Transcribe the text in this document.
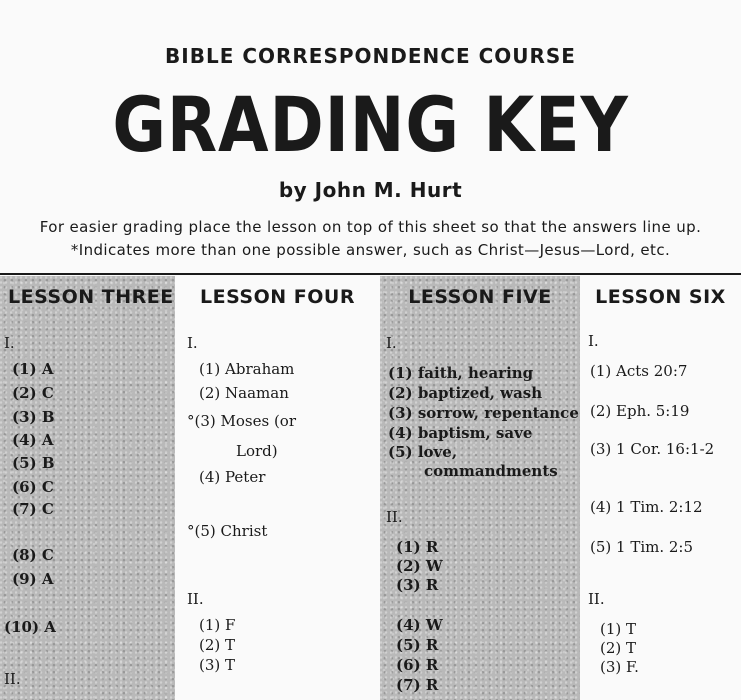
BIBLE CORRESPONDENCE COURSE
GRADING KEY
by John M. Hurt
For easier grading place the lesson on top of this sheet so that the answers line up.
*Indicates more than one possible answer, such as Christ—Jesus—Lord, etc.
LESSON THREE
I.
(1) A
(2) C
(3) B
(4) A
(5) B
(6) C
(7) C
(8) C
(9) A
(10) A
II.
LESSON FOUR
I.
(1) Abraham
(2) Naaman
°(3) Moses (or
Lord)
(4) Peter
°(5) Christ
II.
(1) F
(2) T
(3) T
LESSON FIVE
I.
(1) faith, hearing
(2) baptized, wash
(3) sorrow, repentance
(4) baptism, save
(5) love,
commandments
II.
(1) R
(2) W
(3) R
(4) W
(5) R
(6) R
(7) R
LESSON SIX
I.
(1) Acts 20:7
(2) Eph. 5:19
(3) 1 Cor. 16:1-2
(4) 1 Tim. 2:12
(5) 1 Tim. 2:5
II.
(1) T
(2) T
(3) F.
